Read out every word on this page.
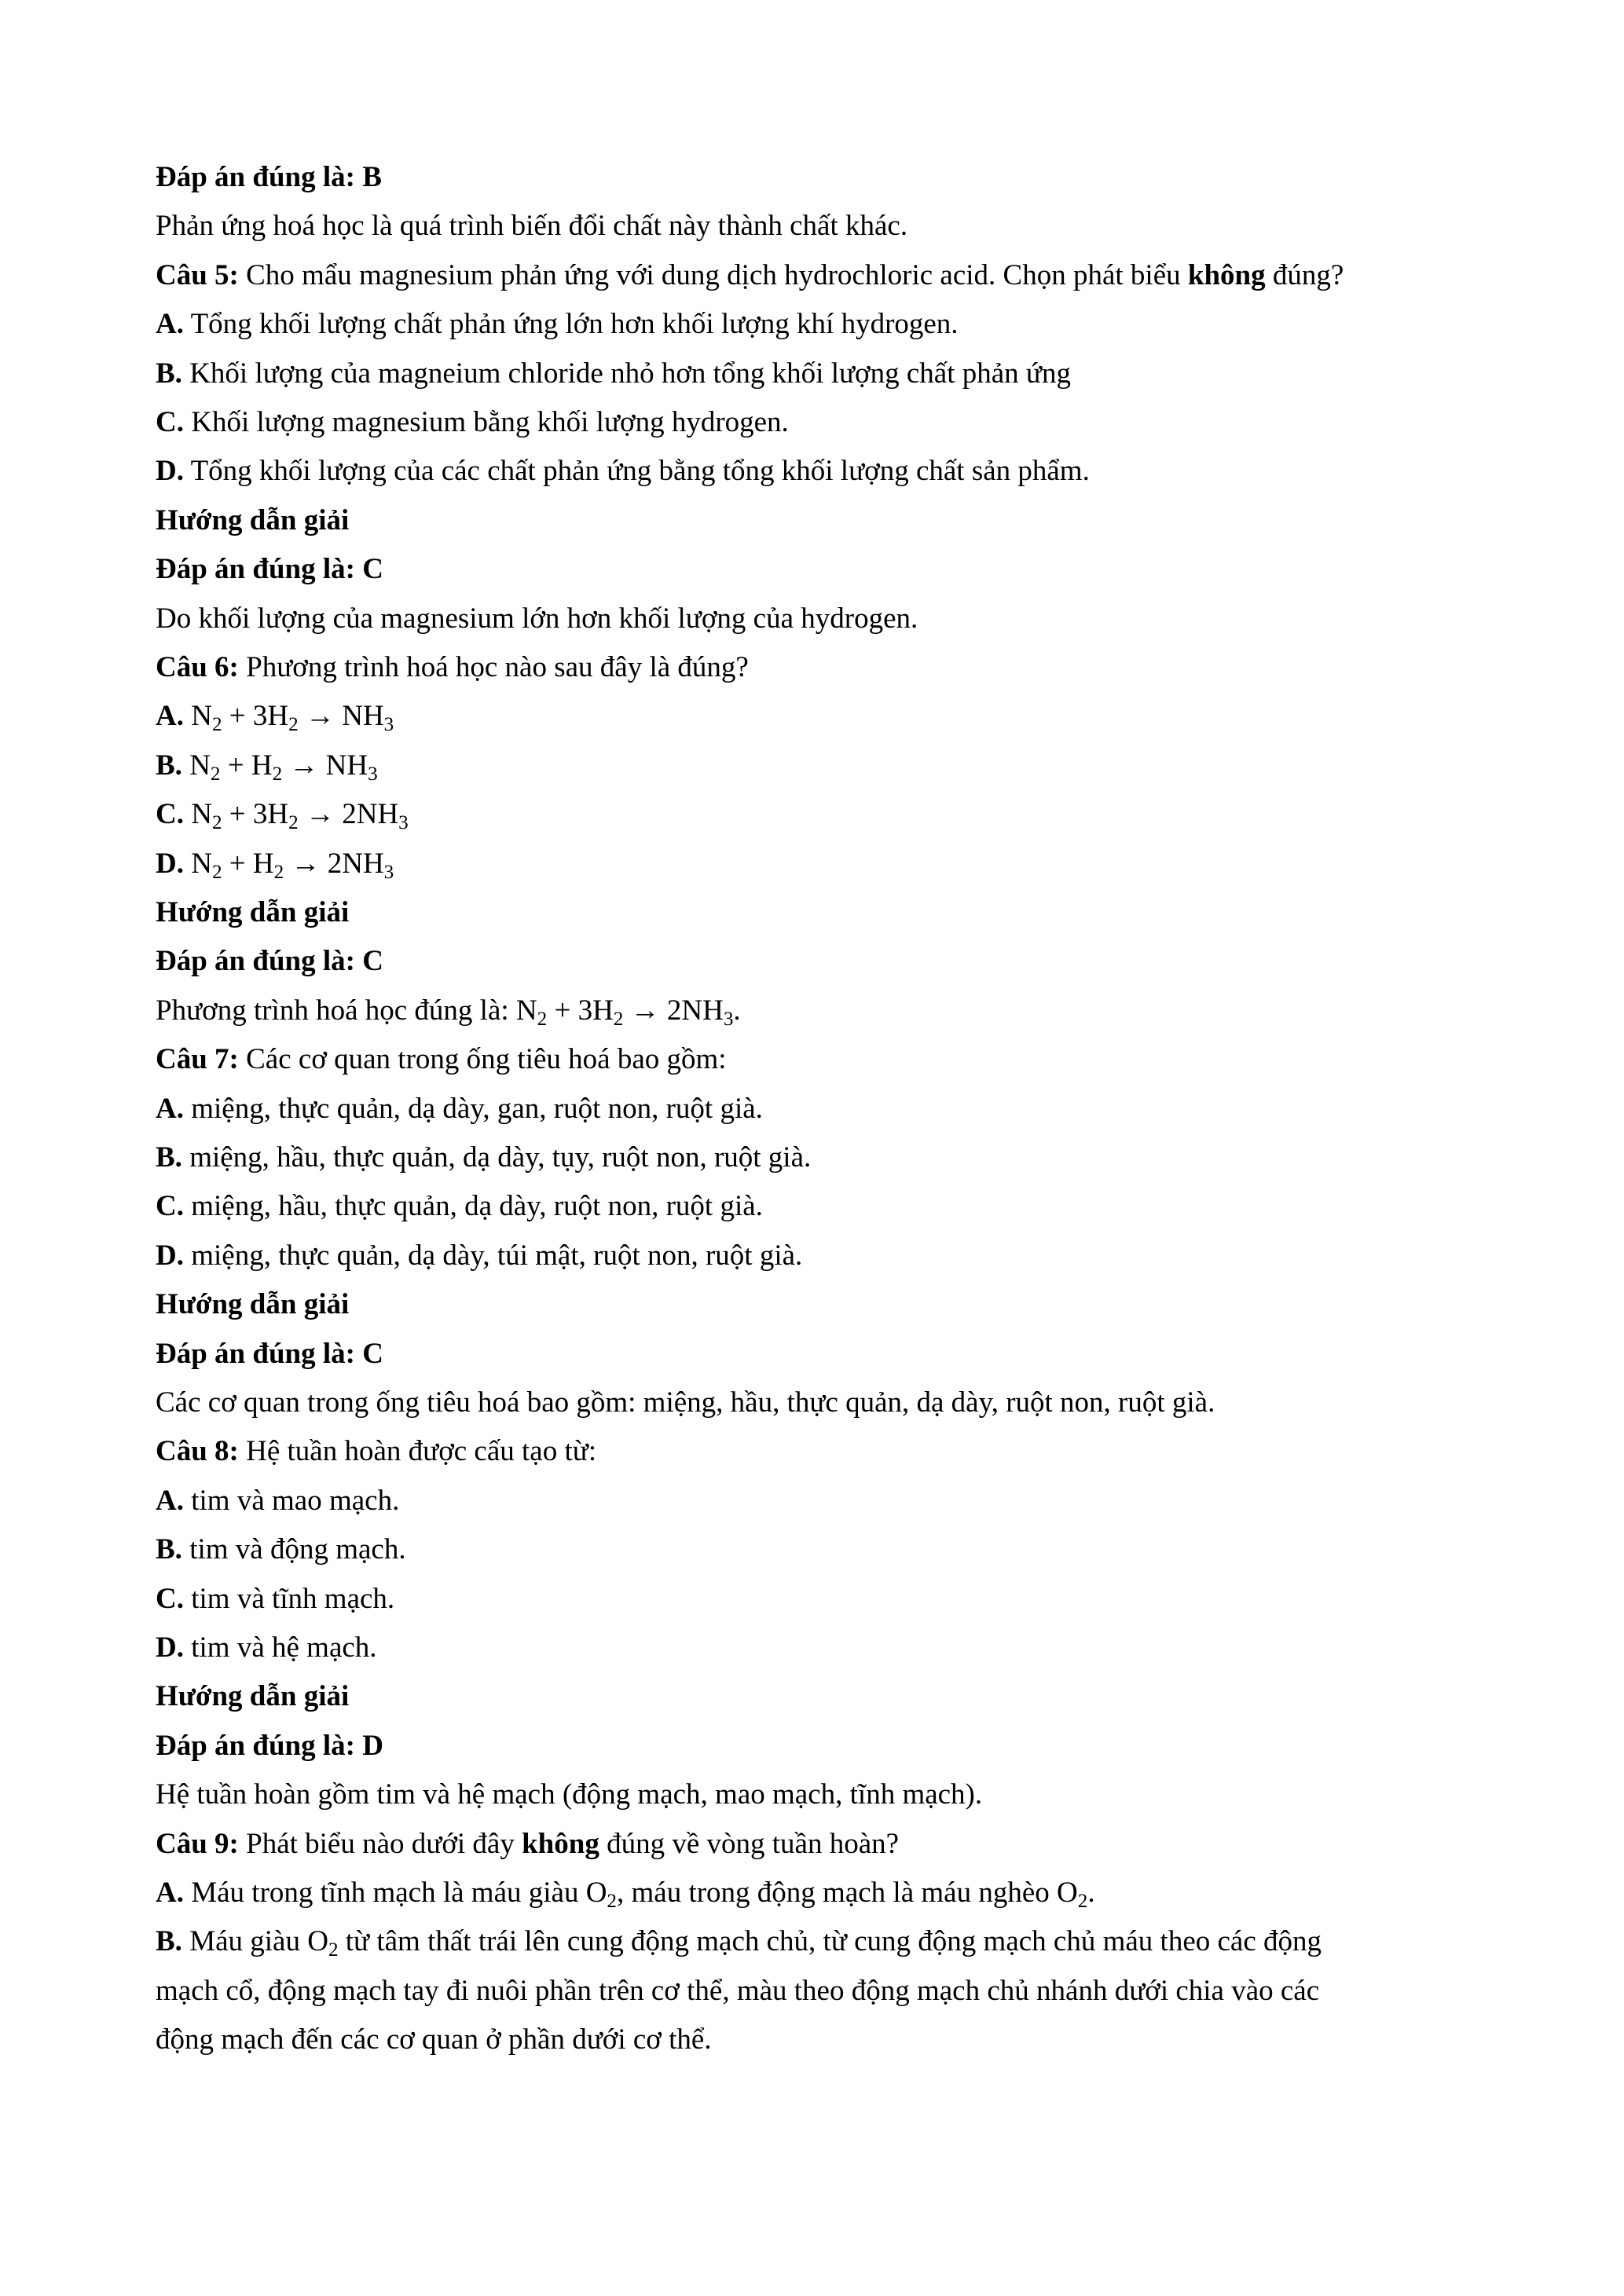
Đáp án đúng là: B
Phản ứng hoá học là quá trình biến đổi chất này thành chất khác.
Câu 5: Cho mẩu magnesium phản ứng với dung dịch hydrochloric acid. Chọn phát biểu không đúng?
A. Tổng khối lượng chất phản ứng lớn hơn khối lượng khí hydrogen.
B. Khối lượng của magneium chloride nhỏ hơn tổng khối lượng chất phản ứng
C. Khối lượng magnesium bằng khối lượng hydrogen.
D. Tổng khối lượng của các chất phản ứng bằng tổng khối lượng chất sản phẩm.
Hướng dẫn giải
Đáp án đúng là: C
Do khối lượng của magnesium lớn hơn khối lượng của hydrogen.
Câu 6: Phương trình hoá học nào sau đây là đúng?
A. $N_2 + 3H_2 \to NH_3$
B. $N_2 + H_2 \to NH_3$
C. $N_2 + 3H_2 \to 2NH_3$
D. $N_2 + H_2 \to 2NH_3$
Hướng dẫn giải
Đáp án đúng là: C
Phương trình hoá học đúng là: $N_2 + 3H_2 \to 2NH_3$.
Câu 7: Các cơ quan trong ống tiêu hoá bao gồm:
A. miệng, thực quản, dạ dày, gan, ruột non, ruột già.
B. miệng, hầu, thực quản, dạ dày, tụy, ruột non, ruột già.
C. miệng, hầu, thực quản, dạ dày, ruột non, ruột già.
D. miệng, thực quản, dạ dày, túi mật, ruột non, ruột già.
Hướng dẫn giải
Đáp án đúng là: C
Các cơ quan trong ống tiêu hoá bao gồm: miệng, hầu, thực quản, dạ dày, ruột non, ruột già.
Câu 8: Hệ tuần hoàn được cấu tạo từ:
A. tim và mao mạch.
B. tim và động mạch.
C. tim và tĩnh mạch.
D. tim và hệ mạch.
Hướng dẫn giải
Đáp án đúng là: D
Hệ tuần hoàn gồm tim và hệ mạch (động mạch, mao mạch, tĩnh mạch).
Câu 9: Phát biểu nào dưới đây không đúng về vòng tuần hoàn?
A. Máu trong tĩnh mạch là máu giàu $O_2$, máu trong động mạch là máu nghèo $O_2$.
B. Máu giàu $O_2$ từ tâm thất trái lên cung động mạch chủ, từ cung động mạch chủ máu theo các động
mạch cổ, động mạch tay đi nuôi phần trên cơ thể, màu theo động mạch chủ nhánh dưới chia vào các
động mạch đến các cơ quan ở phần dưới cơ thể.
